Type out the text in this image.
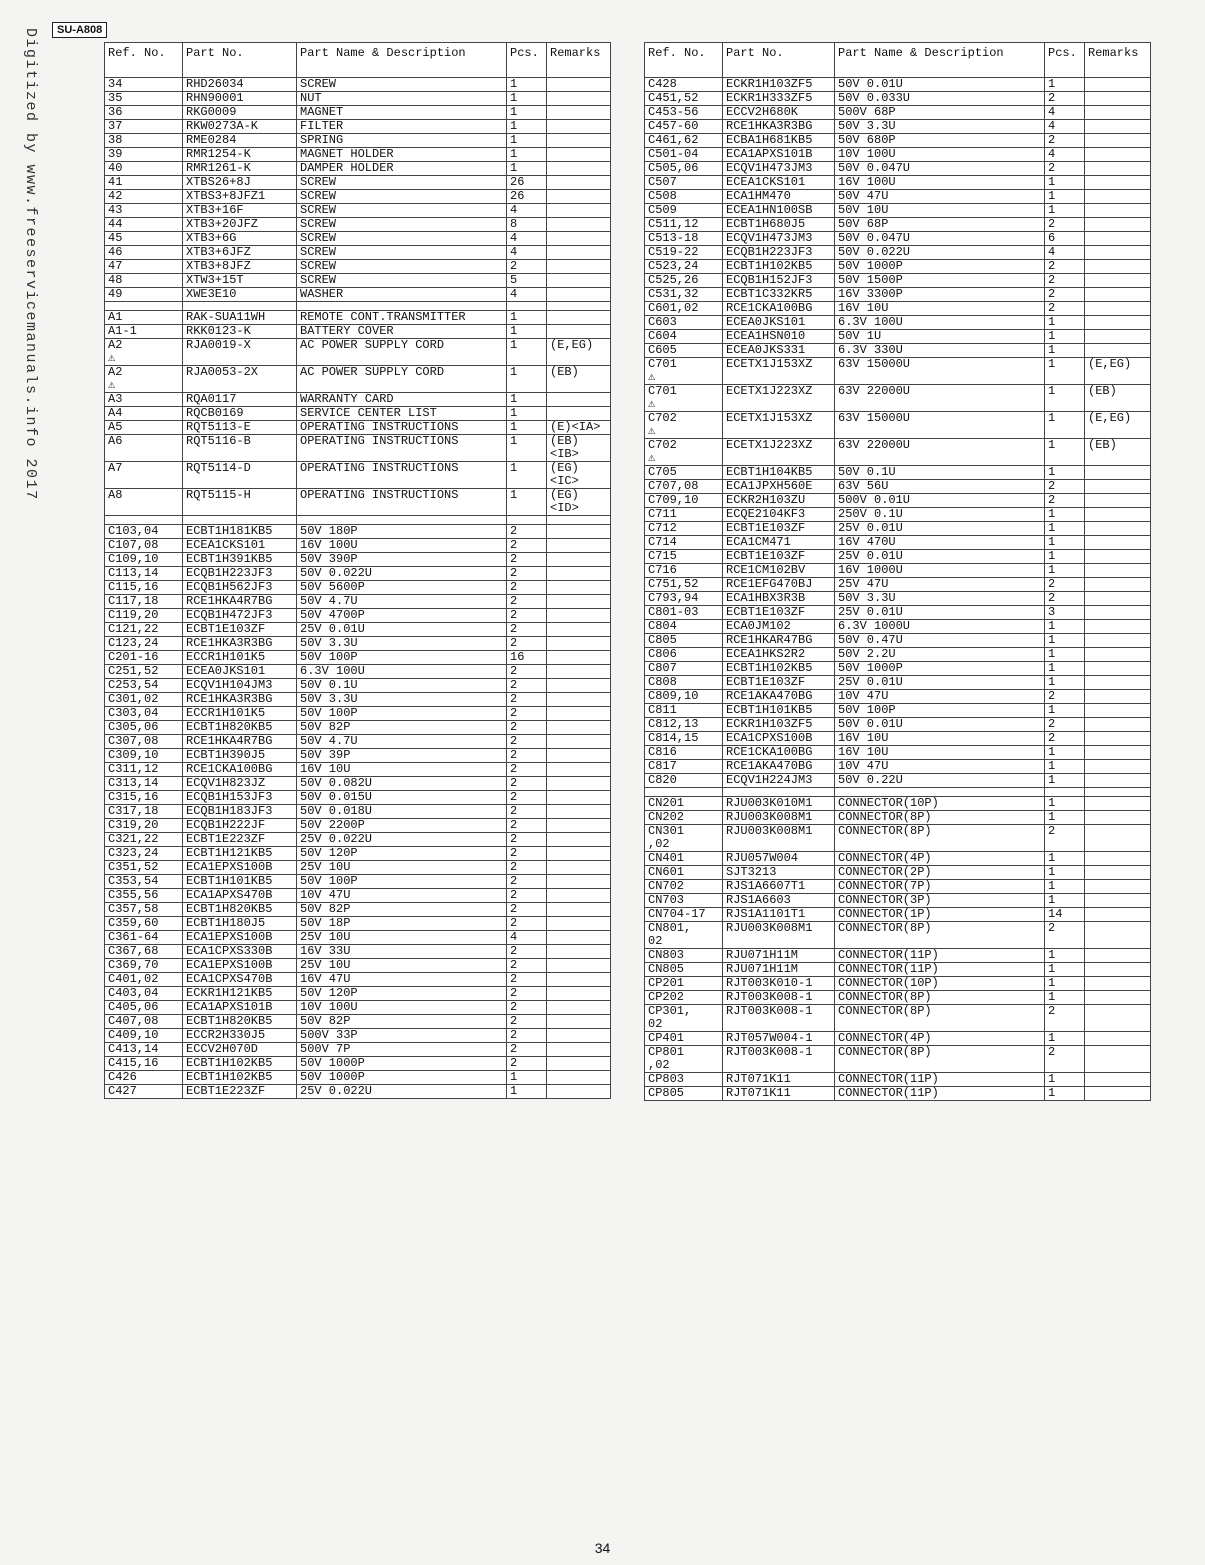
SU-A808
Digitized by www.freeservicemanuals.info 2017	Ref. No.	Part No.	Part Name & Description	Pcs.	Remarks
34	RHD26034	SCREW	1	
35	RHN90001	NUT	1	
36	RKG0009	MAGNET	1	
37	RKW0273A-K	FILTER	1	
38	RME0284	SPRING	1	
39	RMR1254-K	MAGNET HOLDER	1	
40	RMR1261-K	DAMPER HOLDER	1	
41	XTBS26+8J	SCREW	26	
42	XTBS3+8JFZ1	SCREW	26	
43	XTB3+16F	SCREW	4	
44	XTB3+20JFZ	SCREW	8	
45	XTB3+6G	SCREW	4	
46	XTB3+6JFZ	SCREW	4	
47	XTB3+8JFZ	SCREW	2	
48	XTW3+15T	SCREW	5	
49	XWE3E10	WASHER	4	

A1	RAK-SUA11WH	REMOTE CONT.TRANSMITTER	1	
A1-1	RKK0123-K	BATTERY COVER	1	
A2
⚠	RJA0019-X	AC POWER SUPPLY CORD	1	(E,EG)
A2
⚠	RJA0053-2X	AC POWER SUPPLY CORD	1	(EB)
A3	RQA0117	WARRANTY CARD	1	
A4	RQCB0169	SERVICE CENTER LIST	1	
A5	RQT5113-E	OPERATING INSTRUCTIONS	1	(E)<IA>
A6	RQT5116-B	OPERATING INSTRUCTIONS	1	(EB)
<IB>
A7	RQT5114-D	OPERATING INSTRUCTIONS	1	(EG)
<IC>
A8	RQT5115-H	OPERATING INSTRUCTIONS	1	(EG)
<ID>

C103,04	ECBT1H181KB5	50V 180P	2	
C107,08	ECEA1CKS101	16V 100U	2	
C109,10	ECBT1H391KB5	50V 390P	2	
C113,14	ECQB1H223JF3	50V 0.022U	2	
C115,16	ECQB1H562JF3	50V 5600P	2	
C117,18	RCE1HKA4R7BG	50V 4.7U	2	
C119,20	ECQB1H472JF3	50V 4700P	2	
C121,22	ECBT1E103ZF	25V 0.01U	2	
C123,24	RCE1HKA3R3BG	50V 3.3U	2	
C201-16	ECCR1H101K5	50V 100P	16	
C251,52	ECEA0JKS101	6.3V 100U	2	
C253,54	ECQV1H104JM3	50V 0.1U	2	
C301,02	RCE1HKA3R3BG	50V 3.3U	2	
C303,04	ECCR1H101K5	50V 100P	2	
C305,06	ECBT1H820KB5	50V 82P	2	
C307,08	RCE1HKA4R7BG	50V 4.7U	2	
C309,10	ECBT1H390J5	50V 39P	2	
C311,12	RCE1CKA100BG	16V 10U	2	
C313,14	ECQV1H823JZ	50V 0.082U	2	
C315,16	ECQB1H153JF3	50V 0.015U	2	
C317,18	ECQB1H183JF3	50V 0.018U	2	
C319,20	ECQB1H222JF	50V 2200P	2	
C321,22	ECBT1E223ZF	25V 0.022U	2	
C323,24	ECBT1H121KB5	50V 120P	2	
C351,52	ECA1EPXS100B	25V 10U	2	
C353,54	ECBT1H101KB5	50V 100P	2	
C355,56	ECA1APXS470B	10V 47U	2	
C357,58	ECBT1H820KB5	50V 82P	2	
C359,60	ECBT1H180J5	50V 18P	2	
C361-64	ECA1EPXS100B	25V 10U	4	
C367,68	ECA1CPXS330B	16V 33U	2	
C369,70	ECA1EPXS100B	25V 10U	2	
C401,02	ECA1CPXS470B	16V 47U	2	
C403,04	ECKR1H121KB5	50V 120P	2	
C405,06	ECA1APXS101B	10V 100U	2	
C407,08	ECBT1H820KB5	50V 82P	2	
C409,10	ECCR2H330J5	500V 33P	2	
C413,14	ECCV2H070D	500V 7P	2	
C415,16	ECBT1H102KB5	50V 1000P	2	
C426	ECBT1H102KB5	50V 1000P	1	
C427	ECBT1E223ZF	25V 0.022U	1	
Ref. No.	Part No.	Part Name & Description	Pcs.	Remarks
C428	ECKR1H103ZF5	50V 0.01U	1	
C451,52	ECKR1H333ZF5	50V 0.033U	2	
C453-56	ECCV2H680K	500V 68P	4	
C457-60	RCE1HKA3R3BG	50V 3.3U	4	
C461,62	ECBA1H681KB5	50V 680P	2	
C501-04	ECA1APXS101B	10V 100U	4	
C505,06	ECQV1H473JM3	50V 0.047U	2	
C507	ECEA1CKS101	16V 100U	1	
C508	ECA1HM470	50V 47U	1	
C509	ECEA1HN100SB	50V 10U	1	
C511,12	ECBT1H680J5	50V 68P	2	
C513-18	ECQV1H473JM3	50V 0.047U	6	
C519-22	ECQB1H223JF3	50V 0.022U	4	
C523,24	ECBT1H102KB5	50V 1000P	2	
C525,26	ECQB1H152JF3	50V 1500P	2	
C531,32	ECBT1C332KR5	16V 3300P	2	
C601,02	RCE1CKA100BG	16V 10U	2	
C603	ECEA0JKS101	6.3V 100U	1	
C604	ECEA1HSN010	50V 1U	1	
C605	ECEA0JKS331	6.3V 330U	1	
C701
⚠	ECETX1J153XZ	63V 15000U	1	(E,EG)
C701
⚠	ECETX1J223XZ	63V 22000U	1	(EB)
C702
⚠	ECETX1J153XZ	63V 15000U	1	(E,EG)
C702
⚠	ECETX1J223XZ	63V 22000U	1	(EB)
C705	ECBT1H104KB5	50V 0.1U	1	
C707,08	ECA1JPXH560E	63V 56U	2	
C709,10	ECKR2H103ZU	500V 0.01U	2	
C711	ECQE2104KF3	250V 0.1U	1	
C712	ECBT1E103ZF	25V 0.01U	1	
C714	ECA1CM471	16V 470U	1	
C715	ECBT1E103ZF	25V 0.01U	1	
C716	RCE1CM102BV	16V 1000U	1	
C751,52	RCE1EFG470BJ	25V 47U	2	
C793,94	ECA1HBX3R3B	50V 3.3U	2	
C801-03	ECBT1E103ZF	25V 0.01U	3	
C804	ECA0JM102	6.3V 1000U	1	
C805	RCE1HKAR47BG	50V 0.47U	1	
C806	ECEA1HKS2R2	50V 2.2U	1	
C807	ECBT1H102KB5	50V 1000P	1	
C808	ECBT1E103ZF	25V 0.01U	1	
C809,10	RCE1AKA470BG	10V 47U	2	
C811	ECBT1H101KB5	50V 100P	1	
C812,13	ECKR1H103ZF5	50V 0.01U	2	
C814,15	ECA1CPXS100B	16V 10U	2	
C816	RCE1CKA100BG	16V 10U	1	
C817	RCE1AKA470BG	10V 47U	1	
C820	ECQV1H224JM3	50V 0.22U	1	

CN201	RJU003K010M1	CONNECTOR(10P)	1	
CN202	RJU003K008M1	CONNECTOR(8P)	1	
CN301
,02	RJU003K008M1	CONNECTOR(8P)	2	
CN401	RJU057W004	CONNECTOR(4P)	1	
CN601	SJT3213	CONNECTOR(2P)	1	
CN702	RJS1A6607T1	CONNECTOR(7P)	1	
CN703	RJS1A6603	CONNECTOR(3P)	1	
CN704-17	RJS1A1101T1	CONNECTOR(1P)	14	
CN801,
02	RJU003K008M1	CONNECTOR(8P)	2	
CN803	RJU071H11M	CONNECTOR(11P)	1	
CN805	RJU071H11M	CONNECTOR(11P)	1	
CP201	RJT003K010-1	CONNECTOR(10P)	1	
CP202	RJT003K008-1	CONNECTOR(8P)	1	
CP301,
02	RJT003K008-1	CONNECTOR(8P)	2	
CP401	RJT057W004-1	CONNECTOR(4P)	1	
CP801
,02	RJT003K008-1	CONNECTOR(8P)	2	
CP803	RJT071K11	CONNECTOR(11P)	1	
CP805	RJT071K11	CONNECTOR(11P)	1	
34
